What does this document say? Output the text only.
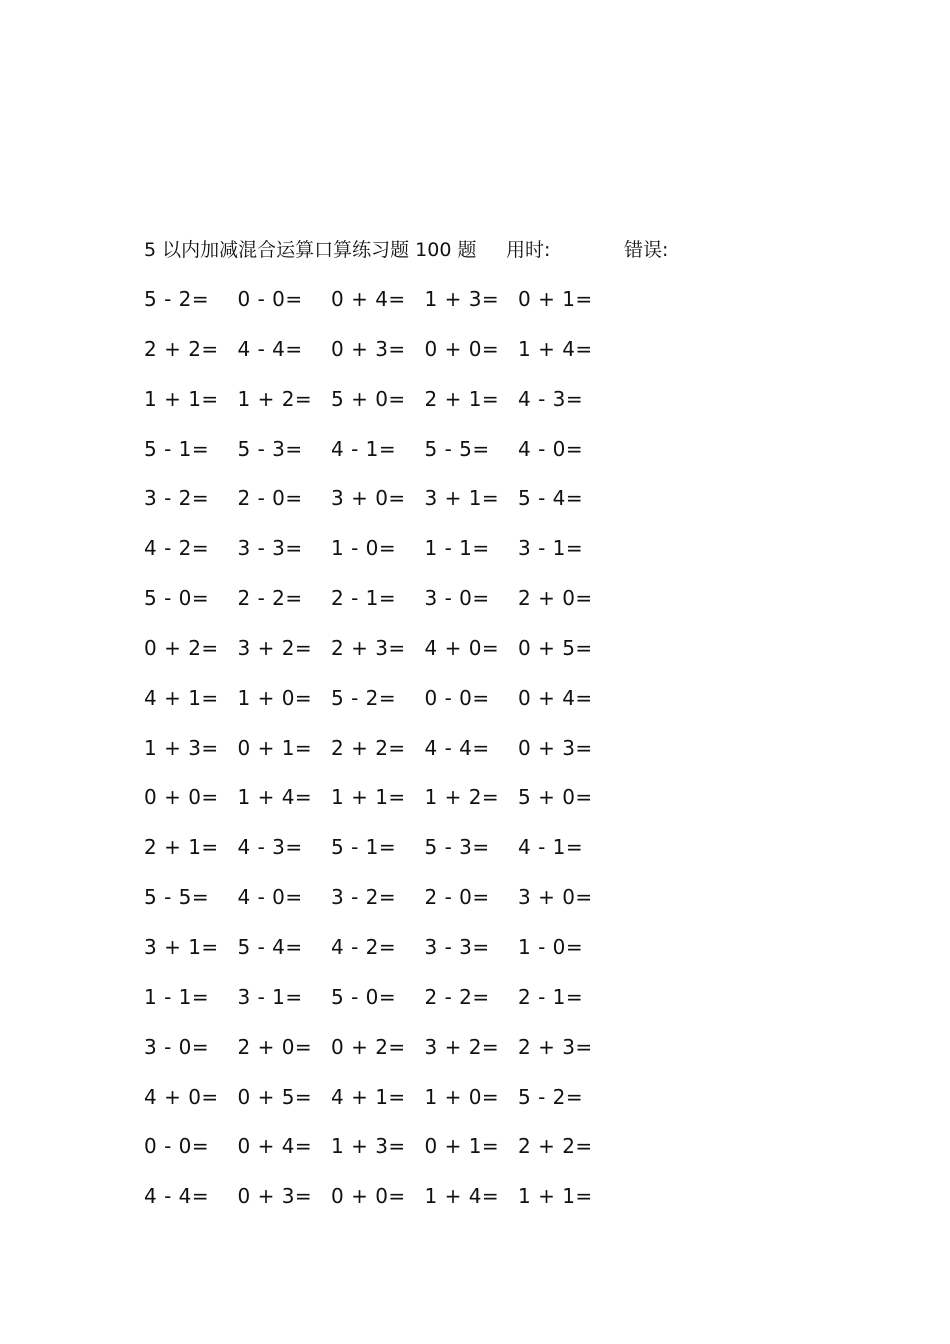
5 以内加减混合运算口算练习题 100 题 用时:	错误:
5 - 2= 0 - 0= 0 + 4= 1 + 3= 0 + 1=
2 + 2= 4 - 4= 0 + 3= 0 + 0= 1 + 4=
1 + 1= 1 + 2= 5 + 0= 2 + 1= 4 - 3=
5 - 1= 5 - 3= 4 - 1= 5 - 5= 4 - 0=
3 - 2= 2 - 0= 3 + 0= 3 + 1= 5 - 4=
4 - 2= 3 - 3= 1 - 0= 1 - 1= 3 - 1=
5 - 0= 2 - 2= 2 - 1= 3 - 0= 2 + 0=
0 + 2= 3 + 2= 2 + 3= 4 + 0= 0 + 5=
4 + 1= 1 + 0= 5 - 2= 0 - 0= 0 + 4=
1 + 3= 0 + 1= 2 + 2= 4 - 4= 0 + 3=
0 + 0= 1 + 4= 1 + 1= 1 + 2= 5 + 0=
2 + 1= 4 - 3= 5 - 1= 5 - 3= 4 - 1=
5 - 5= 4 - 0= 3 - 2= 2 - 0= 3 + 0=
3 + 1= 5 - 4= 4 - 2= 3 - 3= 1 - 0=
1 - 1= 3 - 1= 5 - 0= 2 - 2= 2 - 1=
3 - 0= 2 + 0= 0 + 2= 3 + 2= 2 + 3=
4 + 0= 0 + 5= 4 + 1= 1 + 0= 5 - 2=
0 - 0= 0 + 4= 1 + 3= 0 + 1= 2 + 2=
4 - 4= 0 + 3= 0 + 0= 1 + 4= 1 + 1=
